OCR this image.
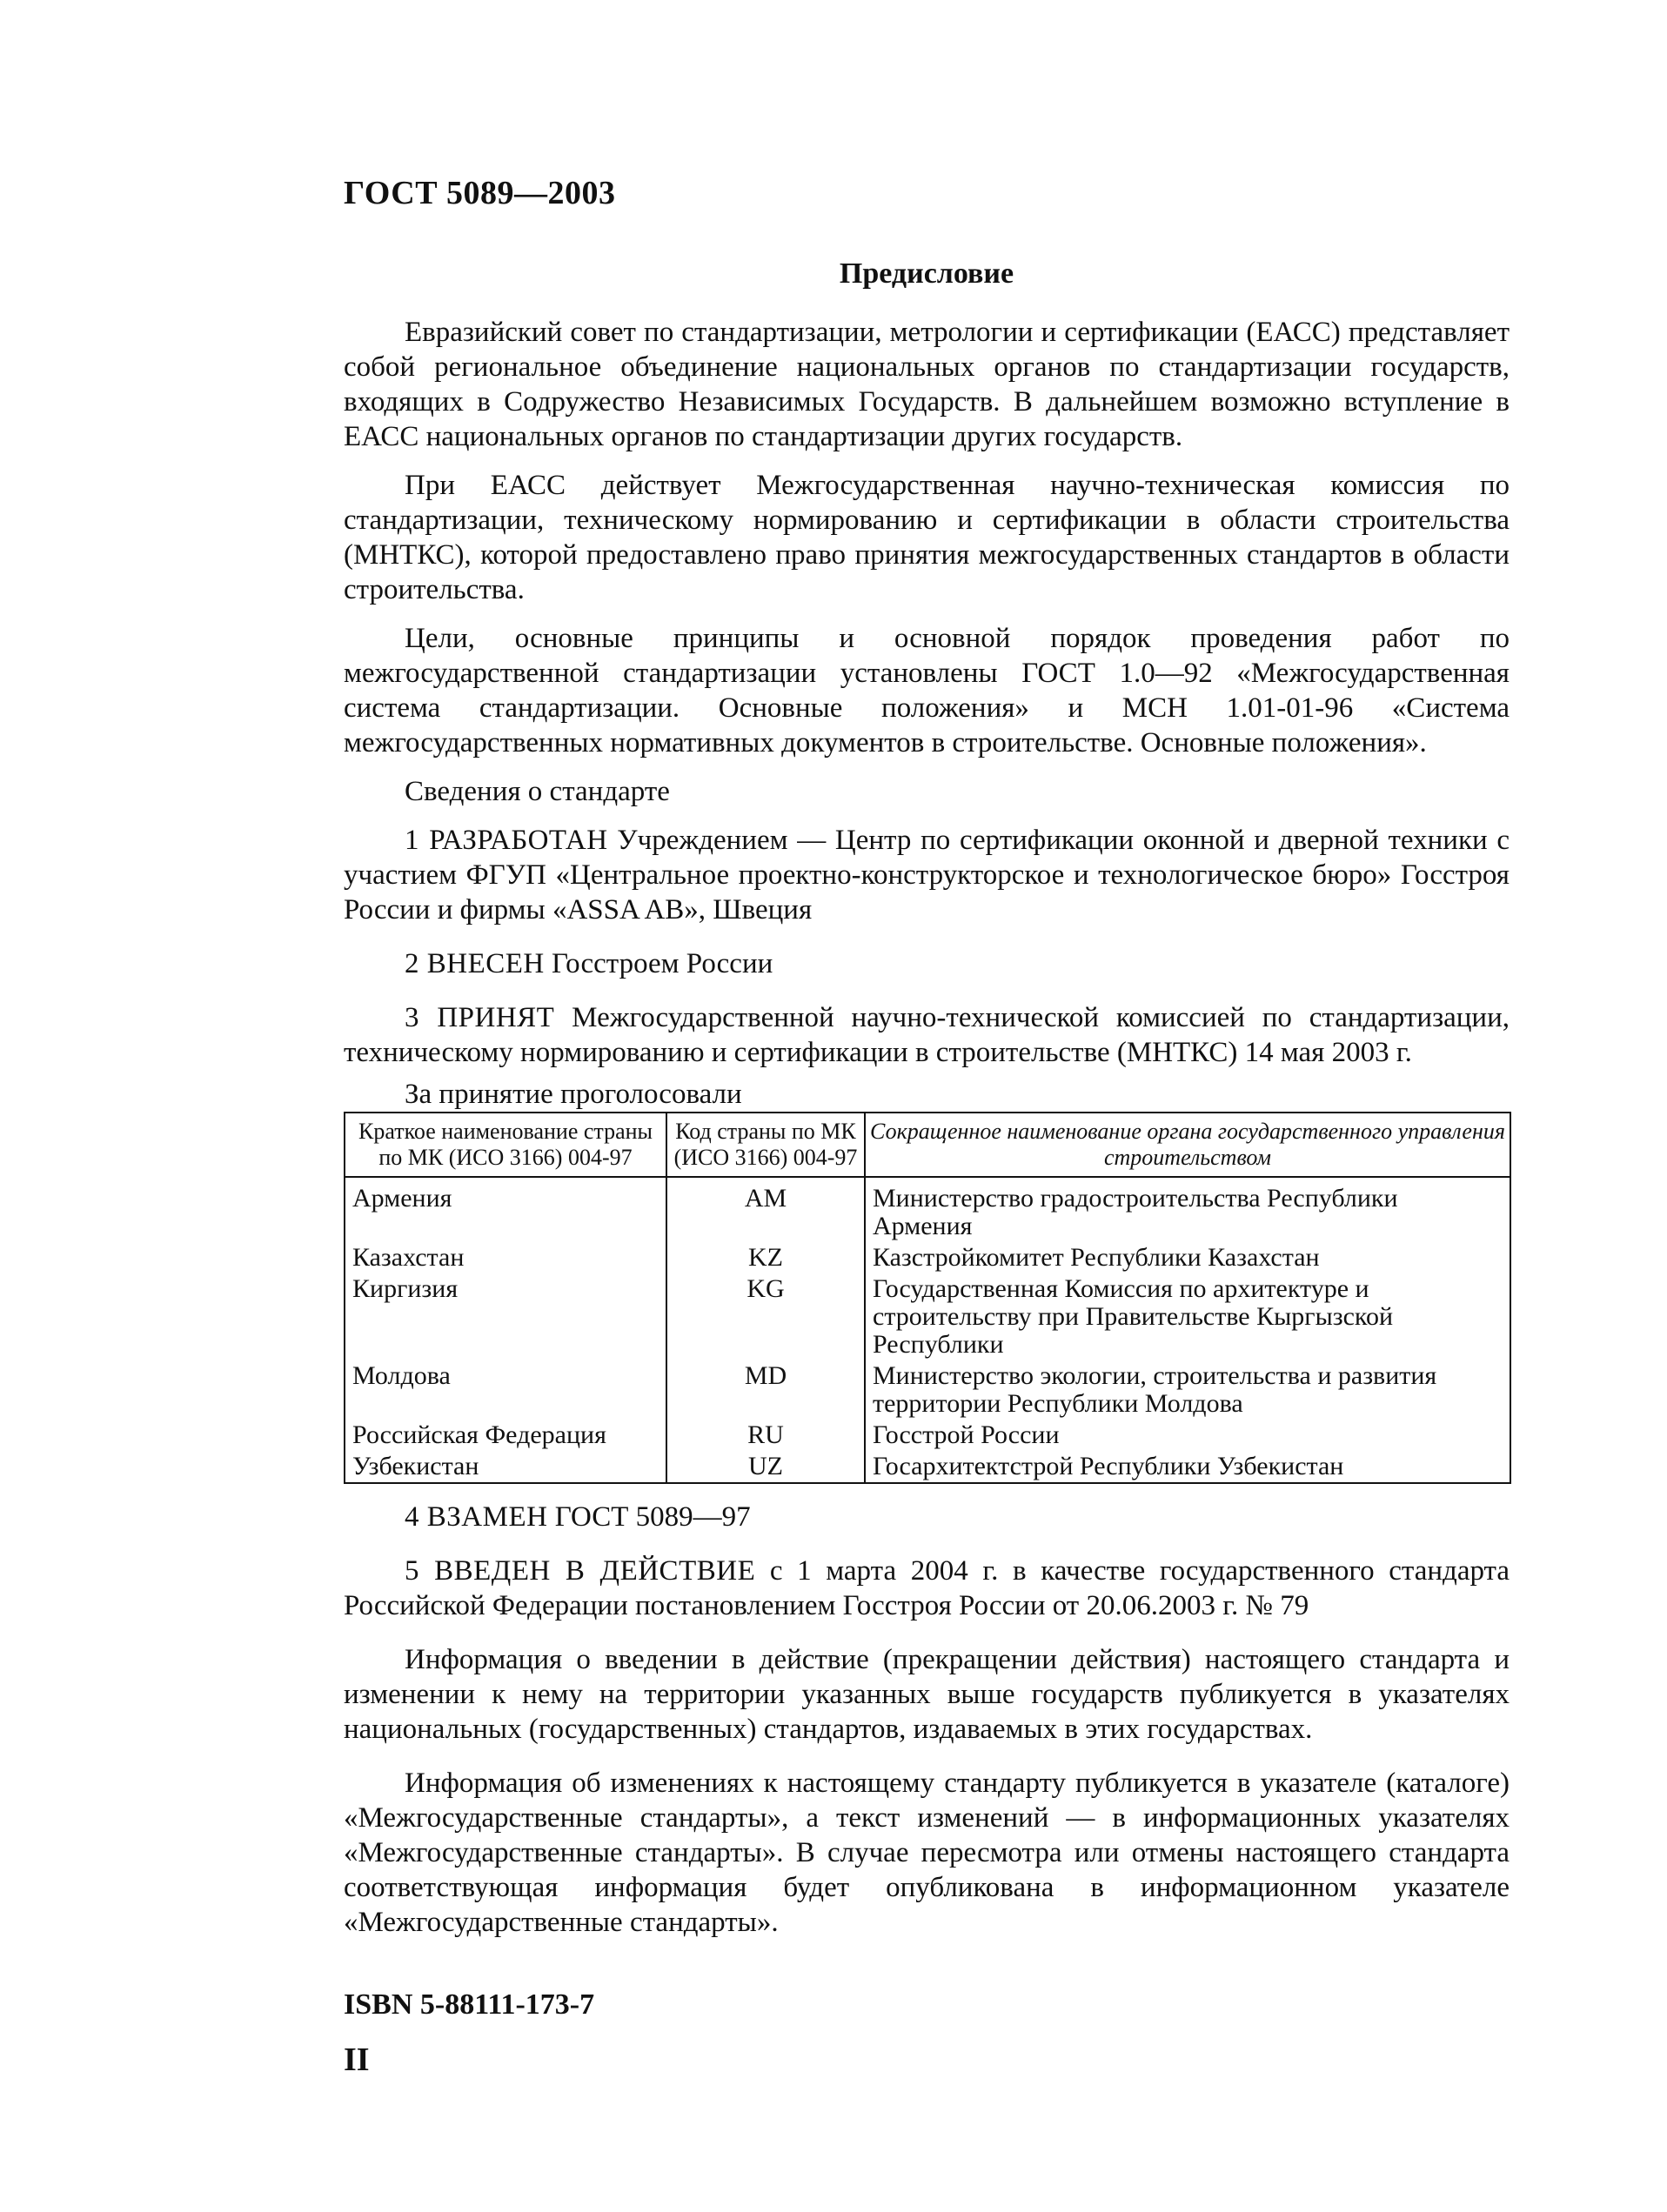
ГОСТ 5089—2003
Предисловие

Евразийский совет по стандартизации, метрологии и сертификации (ЕАСС) представляет собой региональное объединение национальных органов по стандартизации государств, входящих в Содружество Независимых Государств. В дальнейшем возможно вступление в ЕАСС национальных органов по стандартизации других государств.

При ЕАСС действует Межгосударственная научно-техническая комиссия по стандартизации, техническому нормированию и сертификации в области строительства (МНТКС), которой предоставлено право принятия межгосударственных стандартов в области строительства.

Цели, основные принципы и основной порядок проведения работ по межгосударственной стандартизации установлены ГОСТ 1.0—92 «Межгосударственная система стандартизации. Основные положения» и МСН 1.01-01-96 «Система межгосударственных нормативных документов в строительстве. Основные положения».

Сведения о стандарте

1 РАЗРАБОТАН Учреждением — Центр по сертификации оконной и дверной техники с участием ФГУП «Центральное проектно-конструкторское и технологическое бюро» Госстроя России и фирмы «ASSA AB», Швеция

2 ВНЕСЕН Госстроем России

3 ПРИНЯТ Межгосударственной научно-технической комиссией по стандартизации, техническому нормированию и сертификации в строительстве (МНТКС) 14 мая 2003 г.

За принятие проголосовали
Краткое наименование страны по МК (ИСО 3166) 004-97	Код страны по МК (ИСО 3166) 004-97	Сокращенное наименование органа государственного управления строительством
Армения	AM	Министерство градостроительства Республики Армения
Казахстан	KZ	Казстройкомитет Республики Казахстан
Киргизия	KG	Государственная Комиссия по архитектуре и строительству при Правительстве Кыргызской Республики
Молдова	MD	Министерство экологии, строительства и развития территории Республики Молдова
Российская Федерация	RU	Госстрой России
Узбекистан	UZ	Госархитектстрой Республики Узбекистан

4 ВЗАМЕН ГОСТ 5089—97

5 ВВЕДЕН В ДЕЙСТВИЕ с 1 марта 2004 г. в качестве государственного стандарта Российской Федерации постановлением Госстроя России от 20.06.2003 г. № 79

Информация о введении в действие (прекращении действия) настоящего стандарта и изменении к нему на территории указанных выше государств публикуется в указателях национальных (государственных) стандартов, издаваемых в этих государствах.

Информация об изменениях к настоящему стандарту публикуется в указателе (каталоге) «Межгосударственные стандарты», а текст изменений — в информационных указателях «Межгосударственные стандарты». В случае пересмотра или отмены настоящего стандарта соответствующая информация будет опубликована в информационном указателе «Межгосударственные стандарты».

ISBN 5-88111-173-7
II
